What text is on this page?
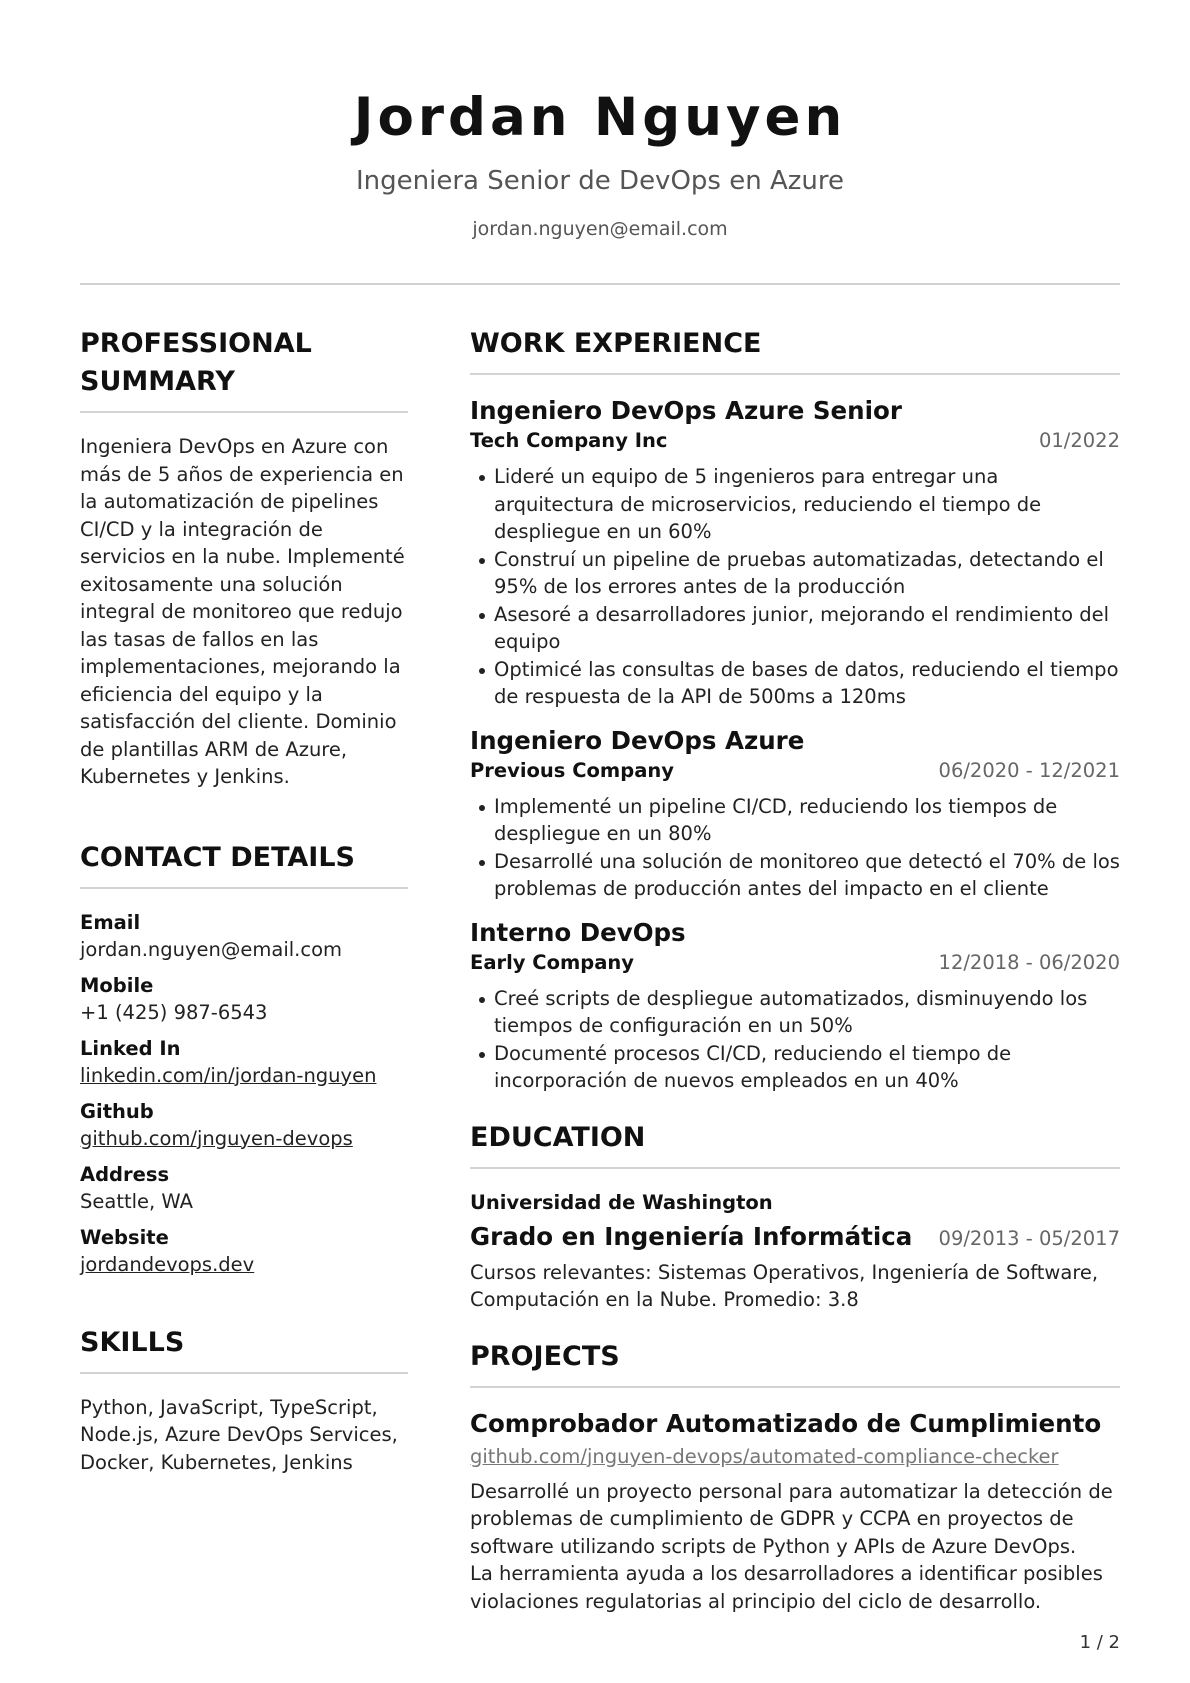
Jordan Nguyen
Ingeniera Senior de DevOps en Azure
jordan.nguyen@email.com
PROFESSIONAL SUMMARY
Ingeniera DevOps en Azure con más de 5 años de experiencia en la automatización de pipelines CI/CD y la integración de servicios en la nube. Implementé exitosamente una solución integral de monitoreo que redujo las tasas de fallos en las implementaciones, mejorando la eficiencia del equipo y la satisfacción del cliente. Dominio de plantillas ARM de Azure, Kubernetes y Jenkins.
CONTACT DETAILS
Email
jordan.nguyen@email.com
Mobile
+1 (425) 987-6543
Linked In
linkedin.com/in/jordan-nguyen
Github
github.com/jnguyen-devops
Address
Seattle, WA
Website
jordandevops.dev
SKILLS
Python, JavaScript, TypeScript, Node.js, Azure DevOps Services, Docker, Kubernetes, Jenkins
WORK EXPERIENCE
Ingeniero DevOps Azure Senior
Tech Company Inc	01/2022
Lideré un equipo de 5 ingenieros para entregar una arquitectura de microservicios, reduciendo el tiempo de despliegue en un 60%
Construí un pipeline de pruebas automatizadas, detectando el 95% de los errores antes de la producción
Asesoré a desarrolladores junior, mejorando el rendimiento del equipo
Optimicé las consultas de bases de datos, reduciendo el tiempo de respuesta de la API de 500ms a 120ms
Ingeniero DevOps Azure
Previous Company	06/2020 - 12/2021
Implementé un pipeline CI/CD, reduciendo los tiempos de despliegue en un 80%
Desarrollé una solución de monitoreo que detectó el 70% de los problemas de producción antes del impacto en el cliente
Interno DevOps
Early Company	12/2018 - 06/2020
Creé scripts de despliegue automatizados, disminuyendo los tiempos de configuración en un 50%
Documenté procesos CI/CD, reduciendo el tiempo de incorporación de nuevos empleados en un 40%
EDUCATION
Universidad de Washington
Grado en Ingeniería Informática 09/2013 - 05/2017
Cursos relevantes: Sistemas Operativos, Ingeniería de Software, Computación en la Nube. Promedio: 3.8
PROJECTS
Comprobador Automatizado de Cumplimiento
github.com/jnguyen-devops/automated-compliance-checker
Desarrollé un proyecto personal para automatizar la detección de problemas de cumplimiento de GDPR y CCPA en proyectos de software utilizando scripts de Python y APIs de Azure DevOps.
La herramienta ayuda a los desarrolladores a identificar posibles violaciones regulatorias al principio del ciclo de desarrollo.
1 / 2
